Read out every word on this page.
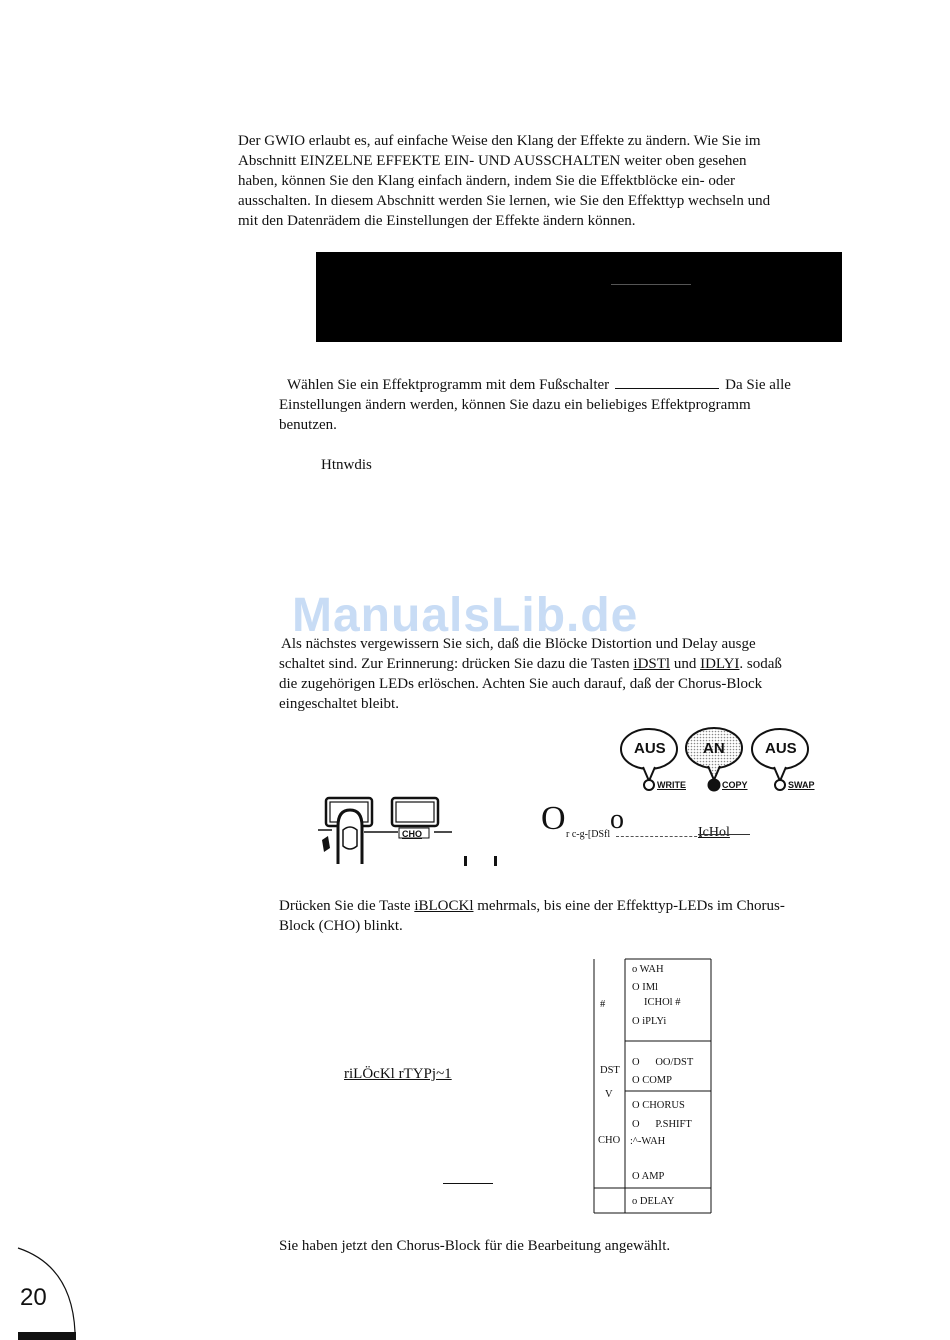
Der GWIO erlaubt es, auf einfache Weise den Klang der Effekte zu ändern. Wie Sie im
Abschnitt EINZELNE EFFEKTE EIN- UND AUSSCHALTEN weiter oben gesehen
haben, können Sie den Klang einfach ändern, indem Sie die Effektblöcke ein- oder
ausschalten. In diesem Abschnitt werden Sie lernen, wie Sie den Effekttyp wechseln und
mit den Datenrädem die Einstellungen der Effekte ändern können.
Wählen Sie ein Effektprogramm mit dem Fußschalter	Da Sie alle
Einstellungen ändern werden, können Sie dazu ein beliebiges Effektprogramm
benutzen.
Htnwdis
ManualsLib.de
Als nächstes vergewissern Sie sich, daß die Blöcke Distortion und Delay ausge
schaltet sind. Zur Erinnerung: drücken Sie dazu die Tasten iDSTl und IDLYI. sodaß
die zugehörigen LEDs erlöschen. Achten Sie auch darauf, daß der Chorus-Block
eingeschaltet bleibt.
AUS AN	AUS
WRITE	COPY	SWAP
CHO	O o
r c-g-[DSfl	IcHol
Drücken Sie die Taste iBLOCKl mehrmals, bis eine der Effekttyp-LEDs im Chorus-
Block (CHO) blinkt.
riLÖcKl rTYPj~1
#
DST
V
CHO
o WAH
O IMl
ICHOl #
O iPLYi
O      OO/DST
O COMP
O CHORUS
O      P.SHIFT
:^-WAH
O AMP
o DELAY
Sie haben jetzt den Chorus-Block für die Bearbeitung angewählt.
20
